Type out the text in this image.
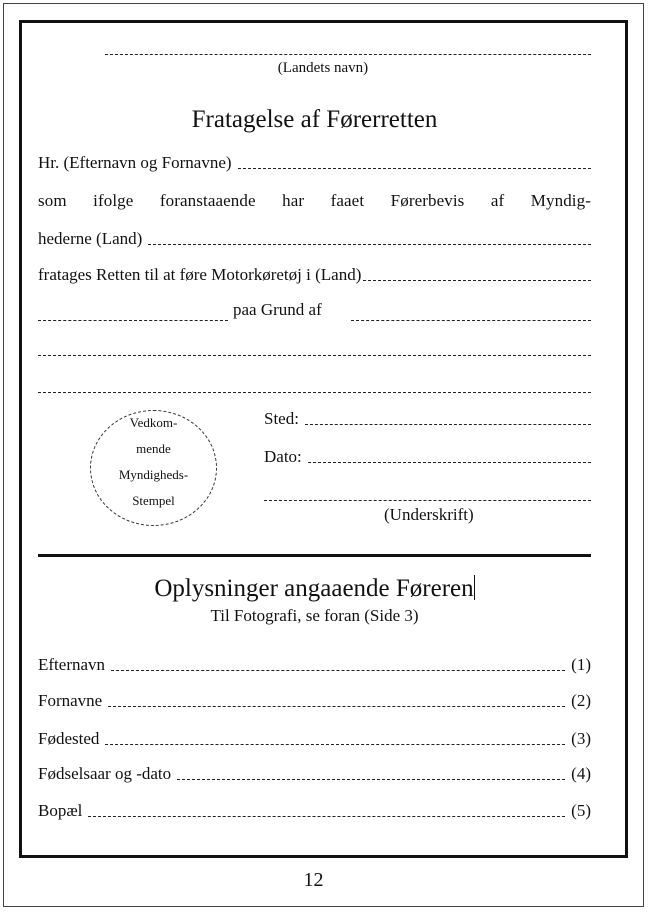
(Landets navn)
Fratagelse af Førerretten
Hr. (Efternavn og Fornavne)
som ifolge foranstaaende har faaet Førerbevis af Myndig-
hederne (Land)
fratages Retten til at føre Motorkøretøj i (Land)
paa Grund af
Vedkom-
mende
Myndigheds-
Stempel
Sted:
Dato:
(Underskrift)
Oplysninger angaaende Føreren
Til Fotografi, se foran (Side 3)
Efternavn	(1)
Fornavne	(2)
Fødested	(3)
Fødselsaar og -dato	(4)
Bopæl	(5)
12
